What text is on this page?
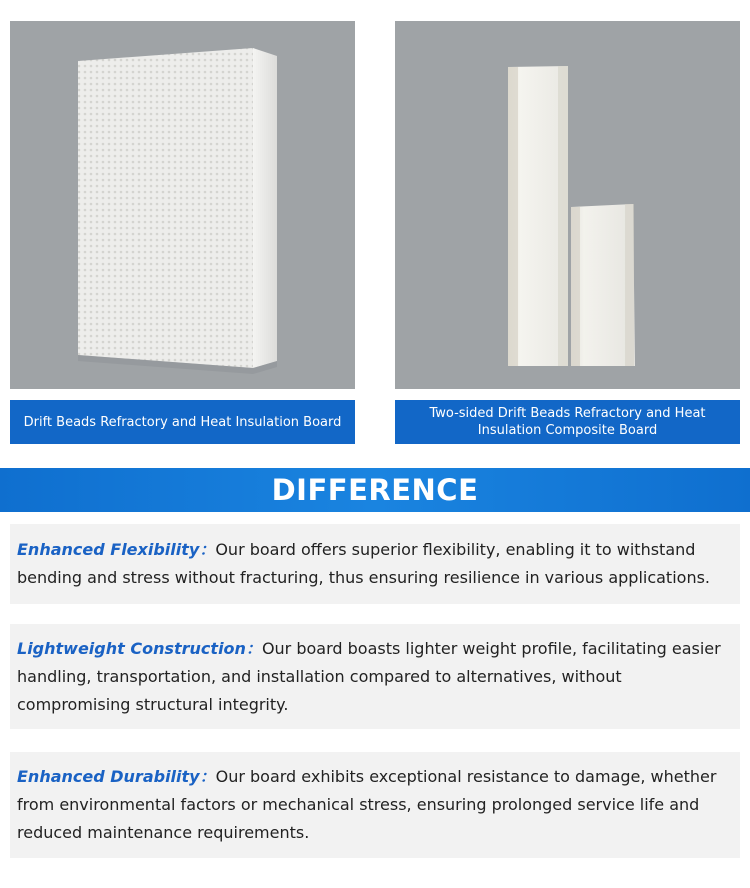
Drift Beads Refractory and Heat Insulation Board
Two-sided Drift Beads Refractory and Heat Insulation Composite Board
DIFFERENCE
Enhanced Flexibility：Our board offers superior flexibility, enabling it to withstand bending and stress without fracturing, thus ensuring resilience in various applications.
Lightweight Construction：Our board boasts lighter weight profile, facilitating easier handling, transportation, and installation compared to alternatives, without compromising structural integrity.
Enhanced Durability：Our board exhibits exceptional resistance to damage, whether from environmental factors or mechanical stress, ensuring prolonged service life and reduced maintenance requirements.
